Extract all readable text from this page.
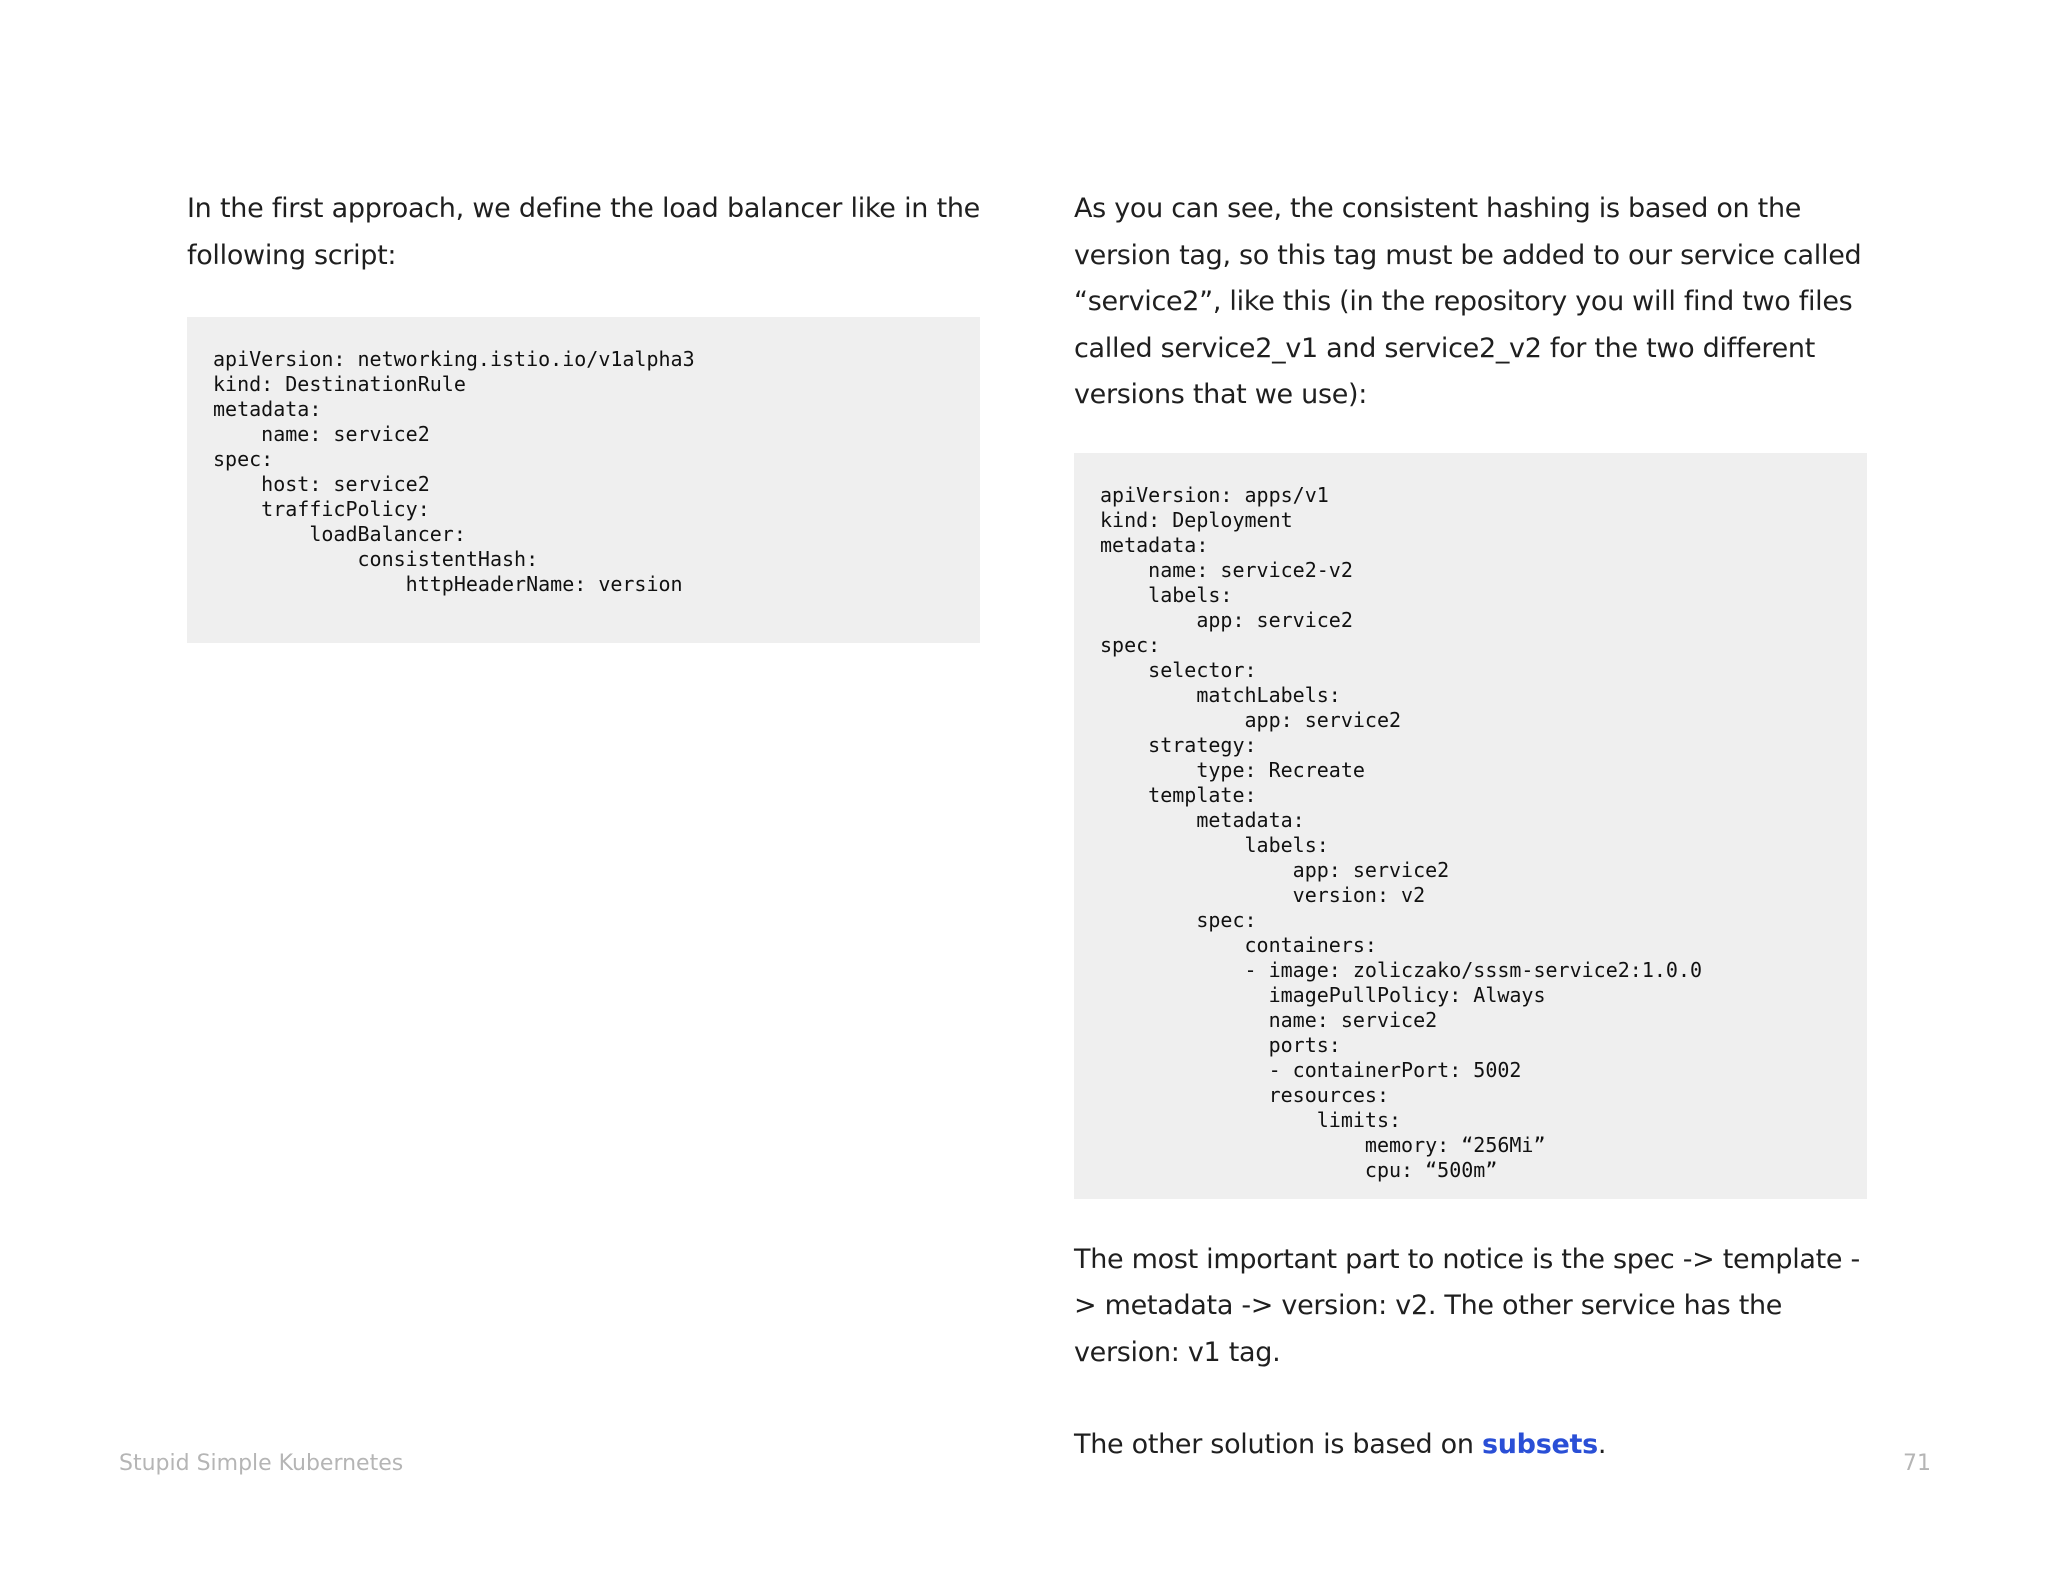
In the first approach, we define the load balancer like in the following script:

apiVersion: networking.istio.io/v1alpha3
kind: DestinationRule
metadata:
name: service2
spec:
host: service2
trafficPolicy:
loadBalancer:
consistentHash:
httpHeaderName: version

As you can see, the consistent hashing is based on the version tag, so this tag must be added to our service called “service2”, like this (in the repository you will find two files called service2_v1 and service2_v2 for the two different versions that we use):

apiVersion: apps/v1
kind: Deployment
metadata:
name: service2-v2
labels:
app: service2
spec:
selector:
matchLabels:
app: service2
strategy:
type: Recreate
template:
metadata:
labels:
app: service2
version: v2
spec:
containers:
- image: zoliczako/sssm-service2:1.0.0
imagePullPolicy: Always
name: service2
ports:
- containerPort: 5002
resources:
limits:
memory: “256Mi”
cpu: “500m”

The most important part to notice is the spec -> template -> metadata -> version: v2. The other service has the version: v1 tag.

The other solution is based on subsets.

Stupid Simple Kubernetes	71
